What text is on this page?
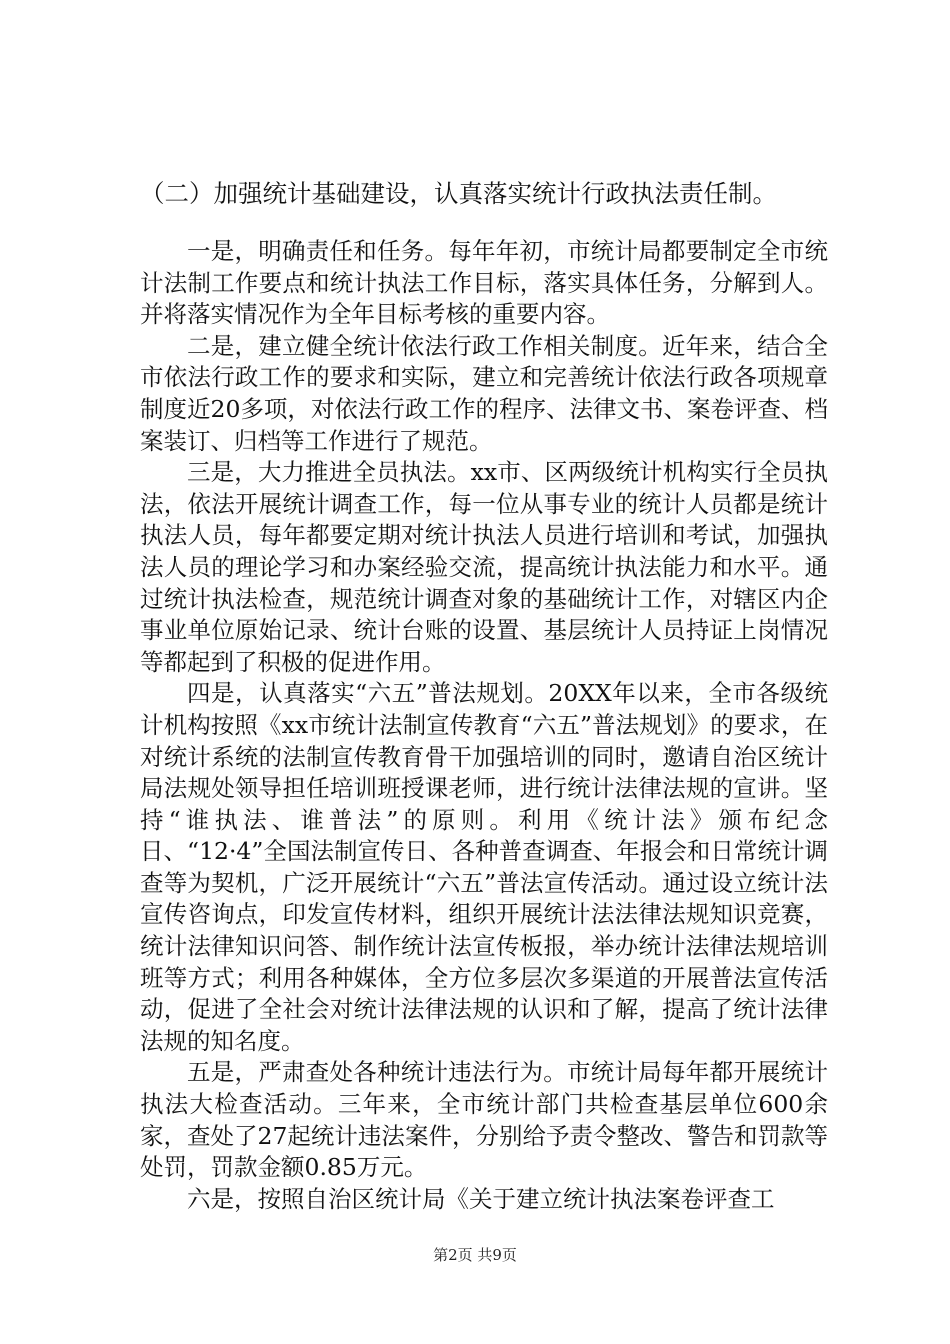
（二）加强统计基础建设，认真落实统计行政执法责任制。

一是，明确责任和任务。每年年初，市统计局都要制定全市统计法制工作要点和统计执法工作目标，落实具体任务，分解到人。并将落实情况作为全年目标考核的重要内容。

二是，建立健全统计依法行政工作相关制度。近年来，结合全市依法行政工作的要求和实际，建立和完善统计依法行政各项规章制度近20多项，对依法行政工作的程序、法律文书、案卷评查、档案装订、归档等工作进行了规范。

三是，大力推进全员执法。xx市、区两级统计机构实行全员执法，依法开展统计调查工作，每一位从事专业的统计人员都是统计执法人员，每年都要定期对统计执法人员进行培训和考试，加强执法人员的理论学习和办案经验交流，提高统计执法能力和水平。通过统计执法检查，规范统计调查对象的基础统计工作，对辖区内企事业单位原始记录、统计台账的设置、基层统计人员持证上岗情况等都起到了积极的促进作用。

四是，认真落实“六五”普法规划。20XX年以来，全市各级统计机构按照《xx市统计法制宣传教育“六五”普法规划》的要求，在对统计系统的法制宣传教育骨干加强培训的同时，邀请自治区统计局法规处领导担任培训班授课老师，进行统计法律法规的宣讲。坚持“谁执法、谁普法”的原则。利用《统计法》颁布纪念日、“12·4”全国法制宣传日、各种普查调查、年报会和日常统计调查等为契机，广泛开展统计“六五”普法宣传活动。通过设立统计法宣传咨询点，印发宣传材料，组织开展统计法法律法规知识竞赛，统计法律知识问答、制作统计法宣传板报，举办统计法律法规培训班等方式；利用各种媒体，全方位多层次多渠道的开展普法宣传活动，促进了全社会对统计法律法规的认识和了解，提高了统计法律法规的知名度。

五是，严肃查处各种统计违法行为。市统计局每年都开展统计执法大检查活动。三年来，全市统计部门共检查基层单位600余家，查处了27起统计违法案件，分别给予责令整改、警告和罚款等处罚，罚款金额0.85万元。

六是，按照自治区统计局《关于建立统计执法案卷评查工

第2页 共9页
